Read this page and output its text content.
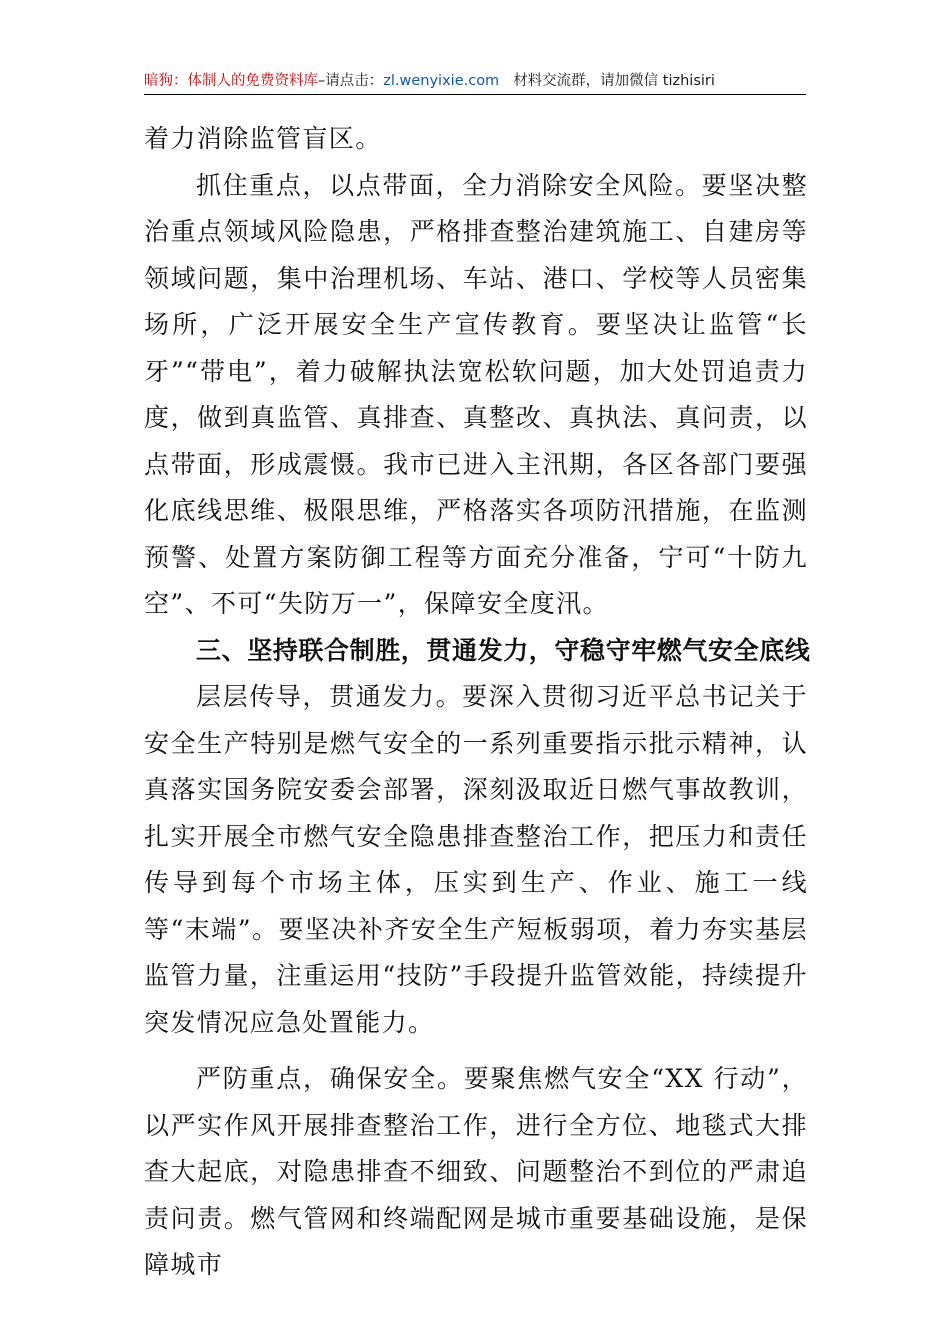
暗狗：体制人的免费资料库–请点击：zl.wenyixie.com 材料交流群，请加微信 tizhisiri

着力消除监管盲区。

抓住重点，以点带面，全力消除安全风险。要坚决整治重点领域风险隐患，严格排查整治建筑施工、自建房等领域问题，集中治理机场、车站、港口、学校等人员密集场所，广泛开展安全生产宣传教育。要坚决让监管“长牙”“带电”，着力破解执法宽松软问题，加大处罚追责力度，做到真监管、真排查、真整改、真执法、真问责，以点带面，形成震慑。我市已进入主汛期，各区各部门要强化底线思维、极限思维，严格落实各项防汛措施，在监测预警、处置方案防御工程等方面充分准备，宁可“十防九空”、不可“失防万一”，保障安全度汛。

三、坚持联合制胜，贯通发力，守稳守牢燃气安全底线

层层传导，贯通发力。要深入贯彻习近平总书记关于安全生产特别是燃气安全的一系列重要指示批示精神，认真落实国务院安委会部署，深刻汲取近日燃气事故教训，扎实开展全市燃气安全隐患排查整治工作，把压力和责任传导到每个市场主体，压实到生产、作业、施工一线等“末端”。要坚决补齐安全生产短板弱项，着力夯实基层监管力量，注重运用“技防”手段提升监管效能，持续提升突发情况应急处置能力。

严防重点，确保安全。要聚焦燃气安全“XX 行动”，以严实作风开展排查整治工作，进行全方位、地毯式大排查大起底，对隐患排查不细致、问题整治不到位的严肃追责问责。燃气管网和终端配网是城市重要基础设施，是保障城市
